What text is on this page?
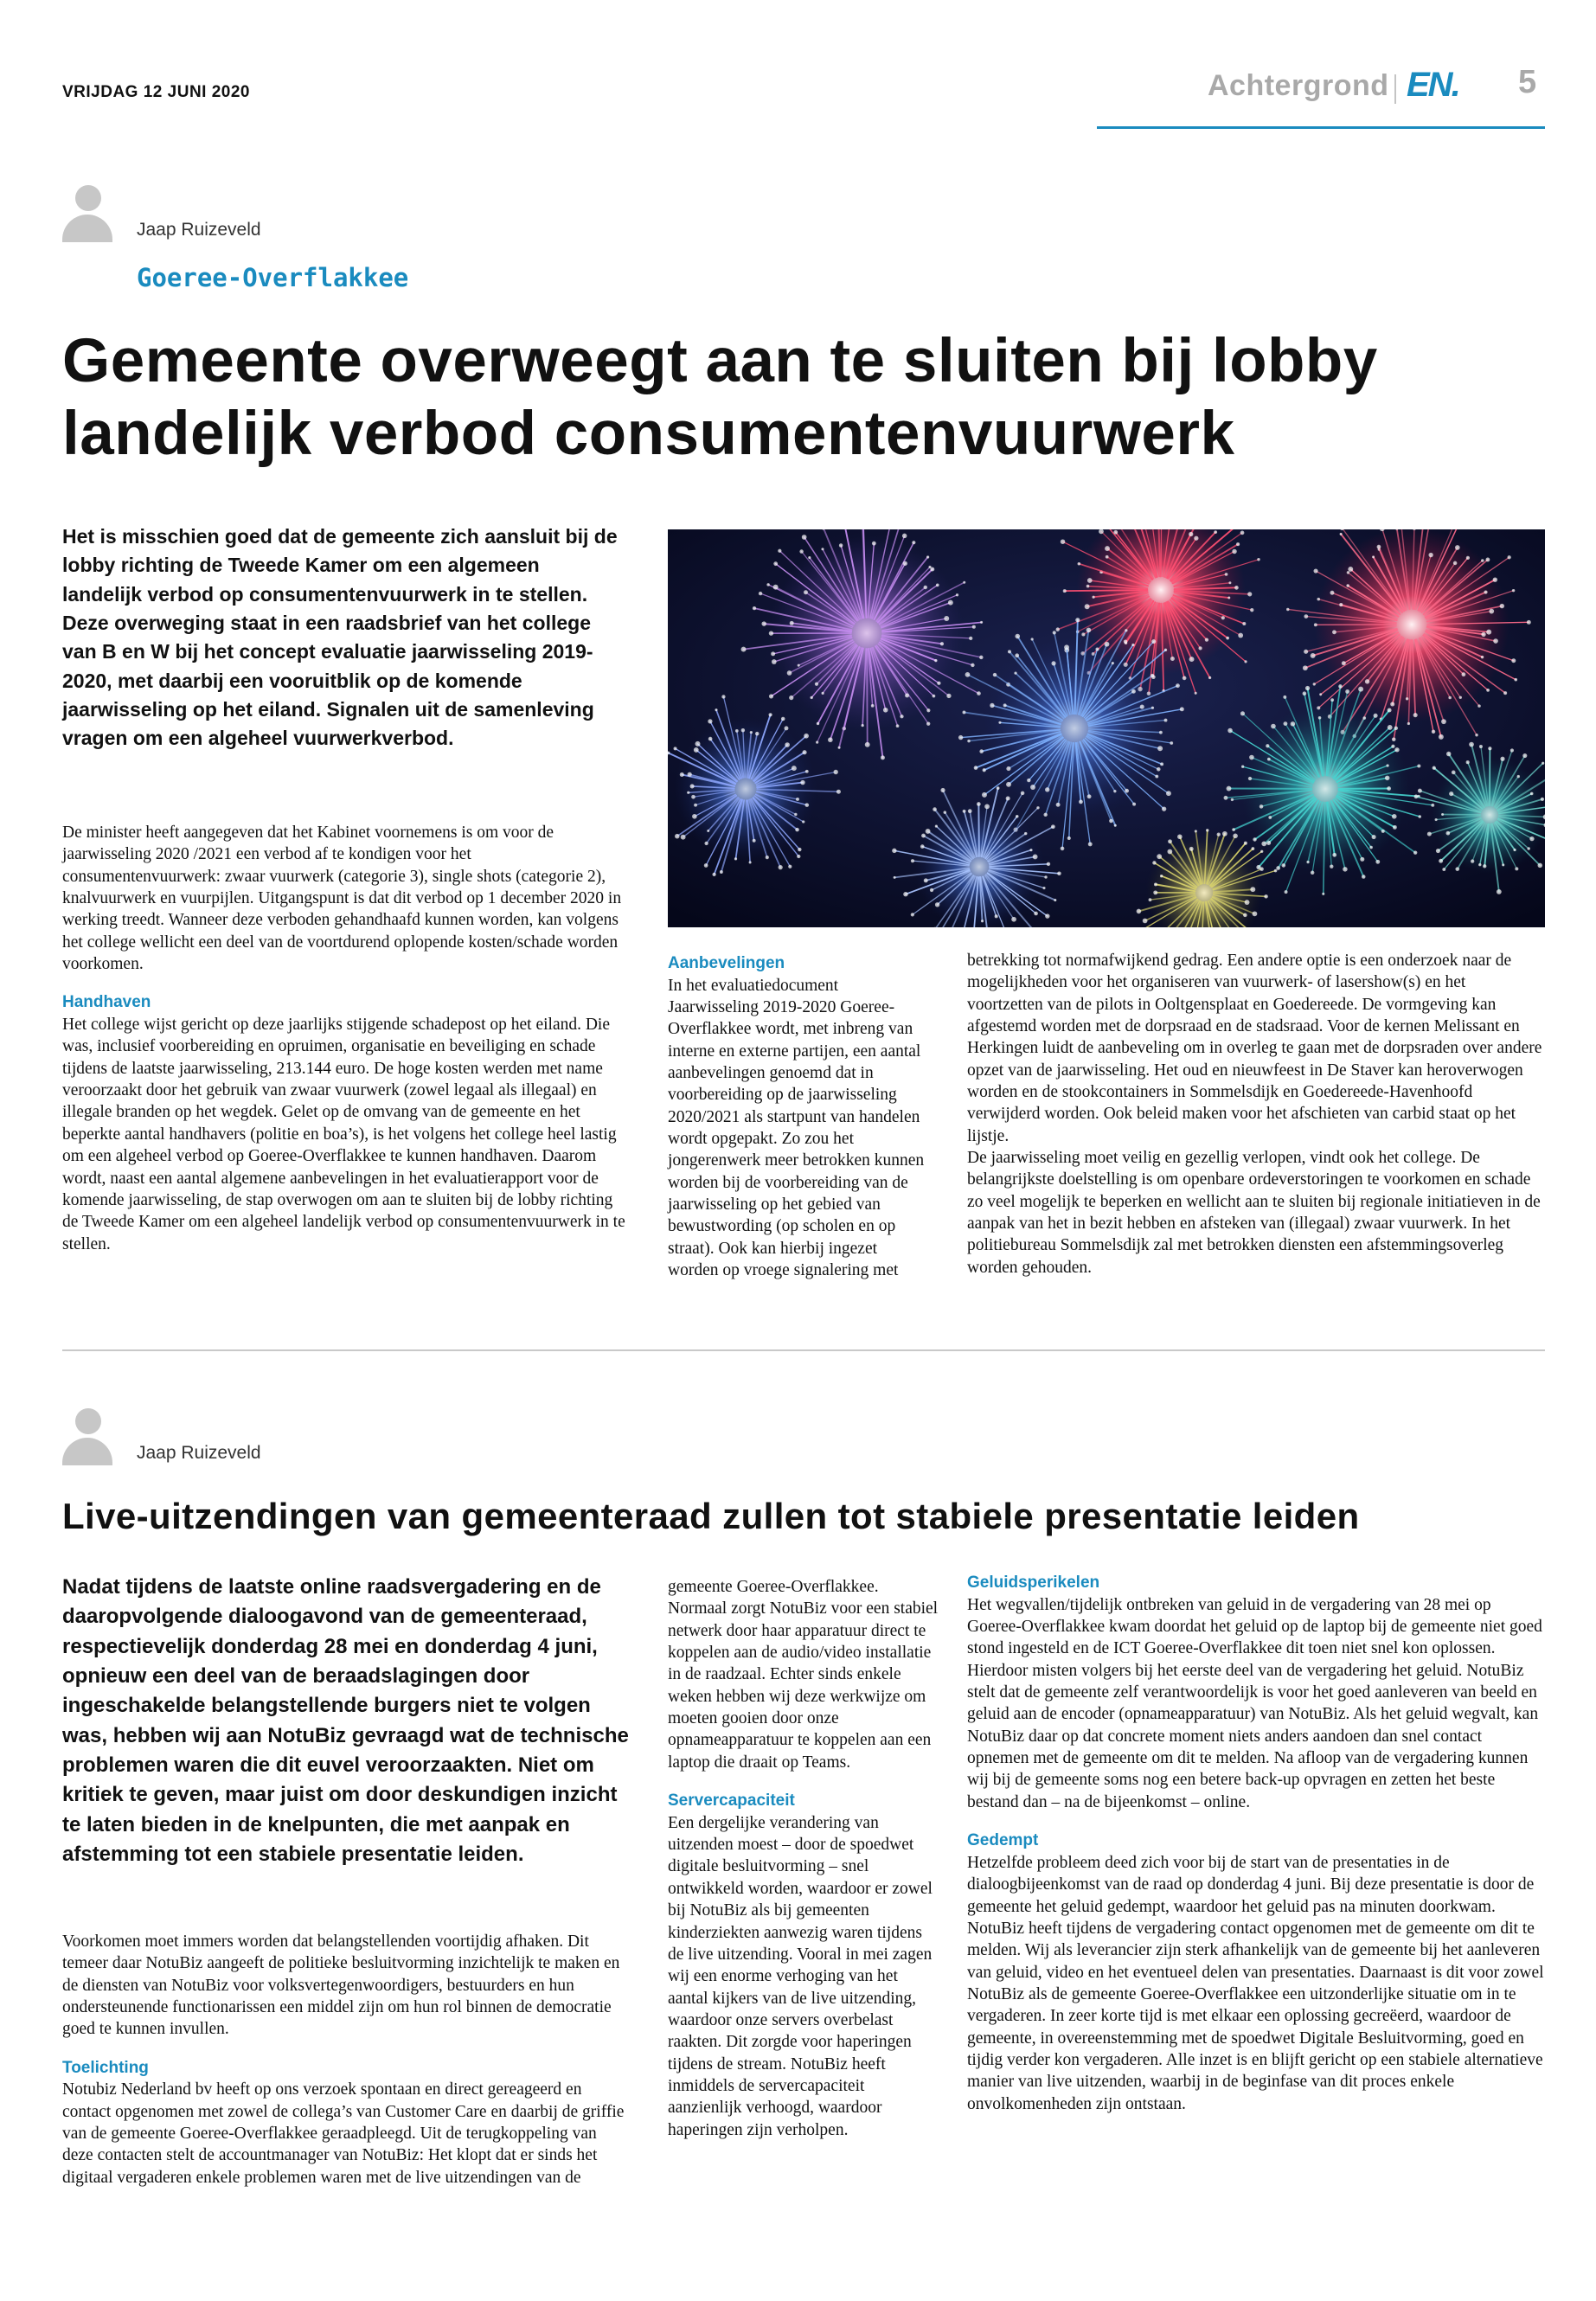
VRIJDAG 12 JUNI 2020	Achtergrond EN. 5
Jaap Ruizeveld
Goeree-Overflakkee
Gemeente overweegt aan te sluiten bij lobby landelijk verbod consumentenvuurwerk
Het is misschien goed dat de gemeente zich aansluit bij de lobby richting de Tweede Kamer om een algemeen landelijk verbod op consumentenvuurwerk in te stellen. Deze overweging staat in een raadsbrief van het college van B en W bij het concept evaluatie jaarwisseling 2019-2020, met daarbij een vooruitblik op de komende jaarwisseling op het eiland. Signalen uit de samenleving vragen om een algeheel vuurwerkverbod.

De minister heeft aangegeven dat het Kabinet voornemens is om voor de jaarwisseling 2020 /2021 een verbod af te kondigen voor het consumentenvuurwerk: zwaar vuurwerk (categorie 3), single shots (categorie 2), knalvuurwerk en vuurpijlen. Uitgangspunt is dat dit verbod op 1 december 2020 in werking treedt. Wanneer deze verboden gehandhaafd kunnen worden, kan volgens het college wellicht een deel van de voortdurend oplopende kosten/schade worden voorkomen.

Handhaven

Het college wijst gericht op deze jaarlijks stijgende schadepost op het eiland. Die was, inclusief voorbereiding en opruimen, organisatie en beveiliging en schade tijdens de laatste jaarwisseling, 213.144 euro. De hoge kosten werden met name veroorzaakt door het gebruik van zwaar vuurwerk (zowel legaal als illegaal) en illegale branden op het wegdek. Gelet op de omvang van de gemeente en het beperkte aantal handhavers (politie en boa’s), is het volgens het college heel lastig om een algeheel verbod op Goeree-Overflakkee te kunnen handhaven. Daarom wordt, naast een aantal algemene aanbevelingen in het evaluatierapport voor de komende jaarwisseling, de stap overwogen om aan te sluiten bij de lobby richting de Tweede Kamer om een algeheel landelijk verbod op consumentenvuurwerk in te stellen.

Aanbevelingen

In het evaluatiedocument Jaarwisseling 2019-2020 Goeree-Overflakkee wordt, met inbreng van interne en externe partijen, een aantal aanbevelingen genoemd dat in voorbereiding op de jaarwisseling 2020/2021 als startpunt van handelen wordt opgepakt. Zo zou het jongerenwerk meer betrokken kunnen worden bij de voorbereiding van de jaarwisseling op het gebied van bewustwording (op scholen en op straat). Ook kan hierbij ingezet worden op vroege signalering met

betrekking tot normafwijkend gedrag. Een andere optie is een onderzoek naar de mogelijkheden voor het organiseren van vuurwerk- of lasershow(s) en het voortzetten van de pilots in Ooltgensplaat en Goedereede. De vormgeving kan afgestemd worden met de dorpsraad en de stadsraad. Voor de kernen Melissant en Herkingen luidt de aanbeveling om in overleg te gaan met de dorpsraden over andere opzet van de jaarwisseling. Het oud en nieuwfeest in De Staver kan heroverwogen worden en de stookcontainers in Sommelsdijk en Goedereede-Havenhoofd verwijderd worden. Ook beleid maken voor het afschieten van carbid staat op het lijstje.

De jaarwisseling moet veilig en gezellig verlopen, vindt ook het college. De belangrijkste doelstelling is om openbare ordeverstoringen te voorkomen en schade zo veel mogelijk te beperken en wellicht aan te sluiten bij regionale initiatieven in de aanpak van het in bezit hebben en afsteken van (illegaal) zwaar vuurwerk. In het politiebureau Sommelsdijk zal met betrokken diensten een afstemmingsoverleg worden gehouden.

Jaap Ruizeveld
Live-uitzendingen van gemeenteraad zullen tot stabiele presentatie leiden
Nadat tijdens de laatste online raadsvergadering en de daaropvolgende dialoogavond van de gemeenteraad, respectievelijk donderdag 28 mei en donderdag 4 juni, opnieuw een deel van de beraadslagingen door ingeschakelde belangstellende burgers niet te volgen was, hebben wij aan NotuBiz gevraagd wat de technische problemen waren die dit euvel veroorzaakten. Niet om kritiek te geven, maar juist om door deskundigen inzicht te laten bieden in de knelpunten, die met aanpak en afstemming tot een stabiele presentatie leiden.

Voorkomen moet immers worden dat belangstellenden voortijdig afhaken. Dit temeer daar NotuBiz aangeeft de politieke besluitvorming inzichtelijk te maken en de diensten van NotuBiz voor volksvertegenwoordigers, bestuurders en hun ondersteunende functionarissen een middel zijn om hun rol binnen de democratie goed te kunnen invullen.

Toelichting

Notubiz Nederland bv heeft op ons verzoek spontaan en direct gereageerd en contact opgenomen met zowel de collega’s van Customer Care en daarbij de griffie van de gemeente Goeree-Overflakkee geraadpleegd. Uit de terugkoppeling van deze contacten stelt de accountmanager van NotuBiz: Het klopt dat er sinds het digitaal vergaderen enkele problemen waren met de live uitzendingen van de

gemeente Goeree-Overflakkee. Normaal zorgt NotuBiz voor een stabiel netwerk door haar apparatuur direct te koppelen aan de audio/video installatie in de raadzaal. Echter sinds enkele weken hebben wij deze werkwijze om moeten gooien door onze opnameapparatuur te koppelen aan een laptop die draait op Teams.

Servercapaciteit

Een dergelijke verandering van uitzenden moest – door de spoedwet digitale besluitvorming – snel ontwikkeld worden, waardoor er zowel bij NotuBiz als bij gemeenten kinderziekten aanwezig waren tijdens de live uitzending. Vooral in mei zagen wij een enorme verhoging van het aantal kijkers van de live uitzending, waardoor onze servers overbelast raakten. Dit zorgde voor haperingen tijdens de stream. NotuBiz heeft inmiddels de servercapaciteit aanzienlijk verhoogd, waardoor haperingen zijn verholpen.

Geluidsperikelen

Het wegvallen/tijdelijk ontbreken van geluid in de vergadering van 28 mei op Goeree-Overflakkee kwam doordat het geluid op de laptop bij de gemeente niet goed stond ingesteld en de ICT Goeree-Overflakkee dit toen niet snel kon oplossen. Hierdoor misten volgers bij het eerste deel van de vergadering het geluid. NotuBiz stelt dat de gemeente zelf verantwoordelijk is voor het goed aanleveren van beeld en geluid aan de encoder (opnameapparatuur) van NotuBiz. Als het geluid wegvalt, kan NotuBiz daar op dat concrete moment niets anders aandoen dan snel contact opnemen met de gemeente om dit te melden. Na afloop van de vergadering kunnen wij bij de gemeente soms nog een betere back-up opvragen en zetten het beste bestand dan – na de bijeenkomst – online.

Gedempt

Hetzelfde probleem deed zich voor bij de start van de presentaties in de dialoogbijeenkomst van de raad op donderdag 4 juni. Bij deze presentatie is door de gemeente het geluid gedempt, waardoor het geluid pas na minuten doorkwam. NotuBiz heeft tijdens de vergadering contact opgenomen met de gemeente om dit te melden. Wij als leverancier zijn sterk afhankelijk van de gemeente bij het aanleveren van geluid, video en het eventueel delen van presentaties. Daarnaast is dit voor zowel NotuBiz als de gemeente Goeree-Overflakkee een uitzonderlijke situatie om in te vergaderen. In zeer korte tijd is met elkaar een oplossing gecreëerd, waardoor de gemeente, in overeenstemming met de spoedwet Digitale Besluitvorming, goed en tijdig verder kon vergaderen. Alle inzet is en blijft gericht op een stabiele alternatieve manier van live uitzenden, waarbij in de beginfase van dit proces enkele onvolkomenheden zijn ontstaan.
